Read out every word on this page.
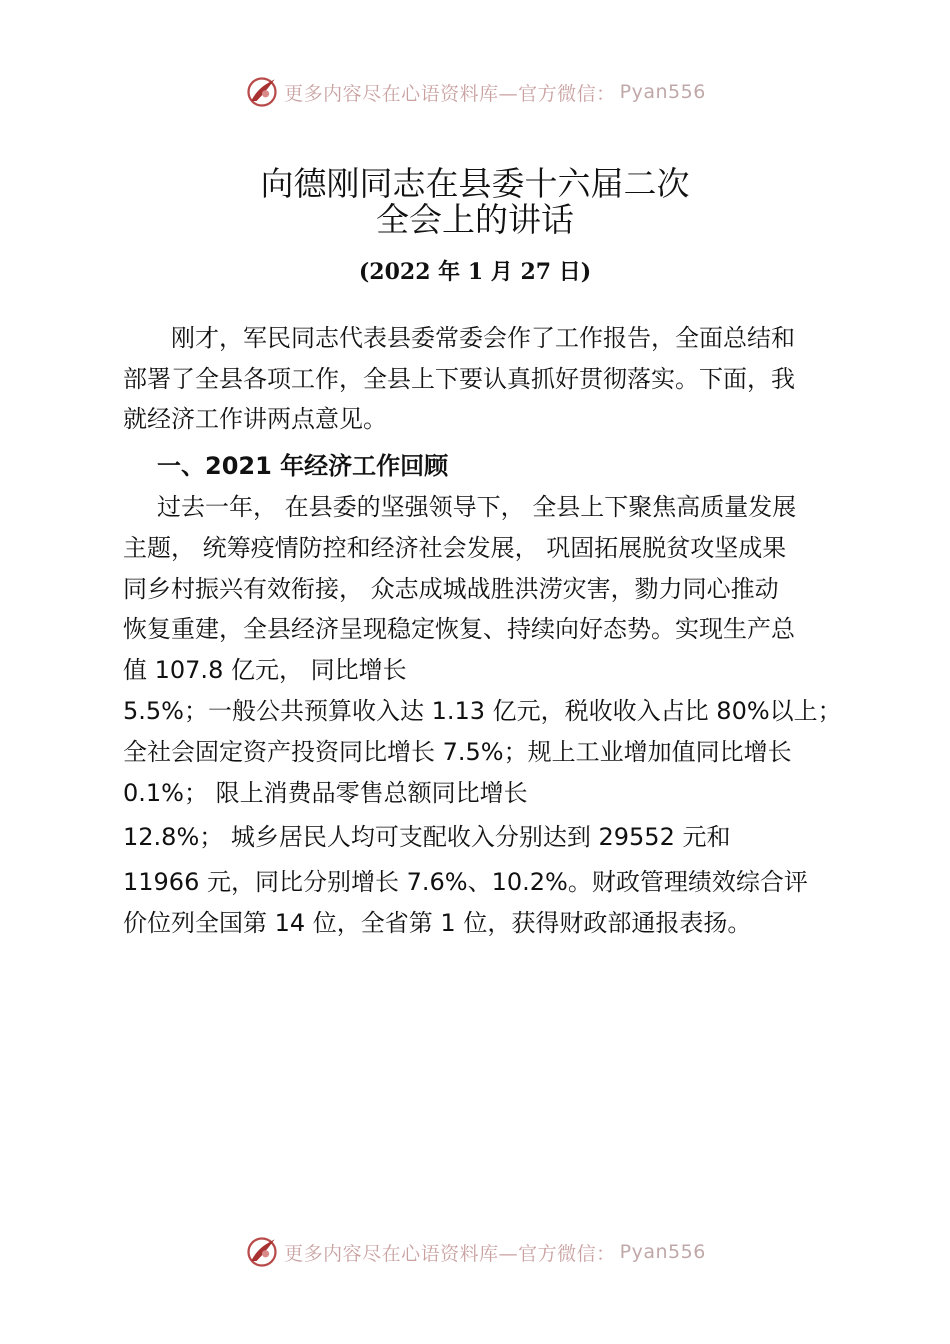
更多内容尽在心语资料库—官方微信： Pyan556
向德刚同志在县委十六届二次
全会上的讲话
(2022 年 1 月 27 日)
刚才，军民同志代表县委常委会作了工作报告，全面总结和
部署了全县各项工作，全县上下要认真抓好贯彻落实。下面，我
就经济工作讲两点意见。
一、2021 年经济工作回顾
过去一年， 在县委的坚强领导下， 全县上下聚焦高质量发展
主题， 统筹疫情防控和经济社会发展， 巩固拓展脱贫攻坚成果
同乡村振兴有效衔接， 众志成城战胜洪涝灾害，勠力同心推动
恢复重建，全县经济呈现稳定恢复、持续向好态势。实现生产总
值 107.8 亿元， 同比增长
5.5%；一般公共预算收入达 1.13 亿元，税收收入占比 80%以上；
全社会固定资产投资同比增长 7.5%；规上工业增加值同比增长
0.1%； 限上消费品零售总额同比增长
12.8%； 城乡居民人均可支配收入分别达到 29552 元和
11966 元，同比分别增长 7.6%、10.2%。财政管理绩效综合评
价位列全国第 14 位，全省第 1 位，获得财政部通报表扬。
更多内容尽在心语资料库—官方微信： Pyan556
